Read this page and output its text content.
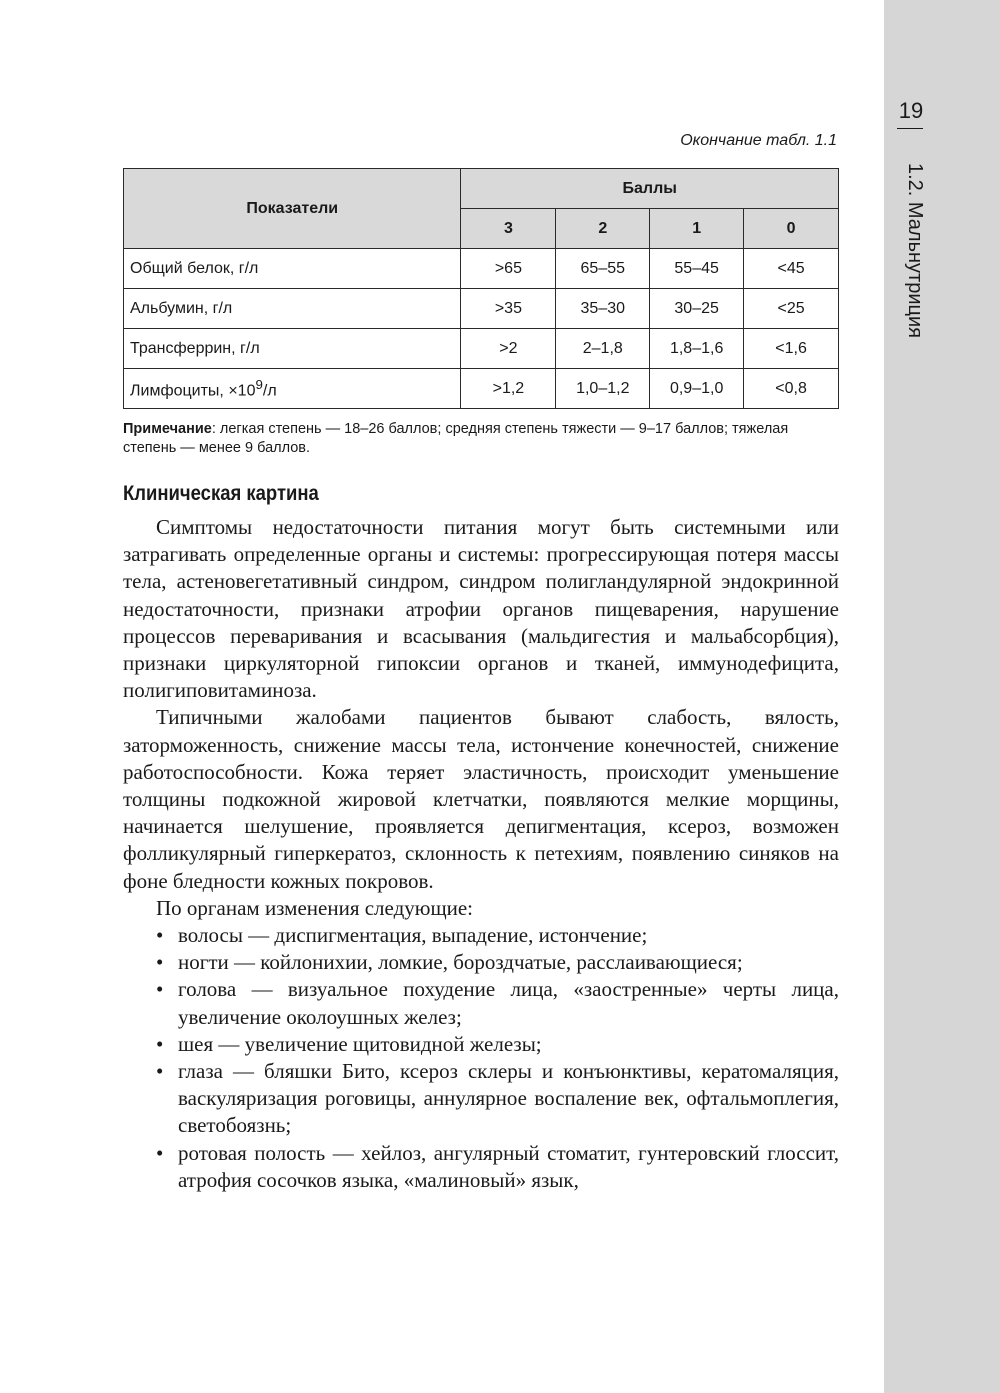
19
1.2. Мальнутриция
Окончание табл. 1.1
Показатели	Баллы			
	3	2	1	0
Общий белок, г/л	>65	65–55	55–45	<45
Альбумин, г/л	>35	35–30	30–25	<25
Трансферрин, г/л	>2	2–1,8	1,8–1,6	<1,6
Лимфоциты, $\times 10^9/л$	>1,2	1,0–1,2	0,9–1,0	<0,8
Примечание: легкая степень — 18–26 баллов; средняя степень тяжести — 9–17 баллов; тяжелая степень — менее 9 баллов.
Клиническая картина

Симптомы недостаточности питания могут быть системными или затрагивать определенные органы и системы: прогрессирующая потеря массы тела, астеновегетативный синдром, синдром полигландулярной эндокринной недостаточности, признаки атрофии органов пищеварения, нарушение процессов переваривания и всасывания (мальдигестия и мальабсорбция), признаки циркуляторной гипоксии органов и тканей, иммунодефицита, полигиповитаминоза.

Типичными жалобами пациентов бывают слабость, вялость, заторможенность, снижение массы тела, истончение конечностей, снижение работоспособности. Кожа теряет эластичность, происходит уменьшение толщины подкожной жировой клетчатки, появляются мелкие морщины, начинается шелушение, проявляется депигментация, ксероз, возможен фолликулярный гиперкератоз, склонность к петехиям, появлению синяков на фоне бледности кожных покровов.

По органам изменения следующие:

• волосы — диспигментация, выпадение, истончение;
• ногти — койлонихии, ломкие, бороздчатые, расслаивающиеся;
• голова — визуальное похудение лица, «заостренные» черты лица, увеличение околоушных желез;
• шея — увеличение щитовидной железы;
• глаза — бляшки Бито, ксероз склеры и конъюнктивы, кератомаляция, васкуляризация роговицы, аннулярное воспаление век, офтальмоплегия, светобоязнь;
• ротовая полость — хейлоз, ангулярный стоматит, гунтеровский глоссит, атрофия сосочков языка, «малиновый» язык,
